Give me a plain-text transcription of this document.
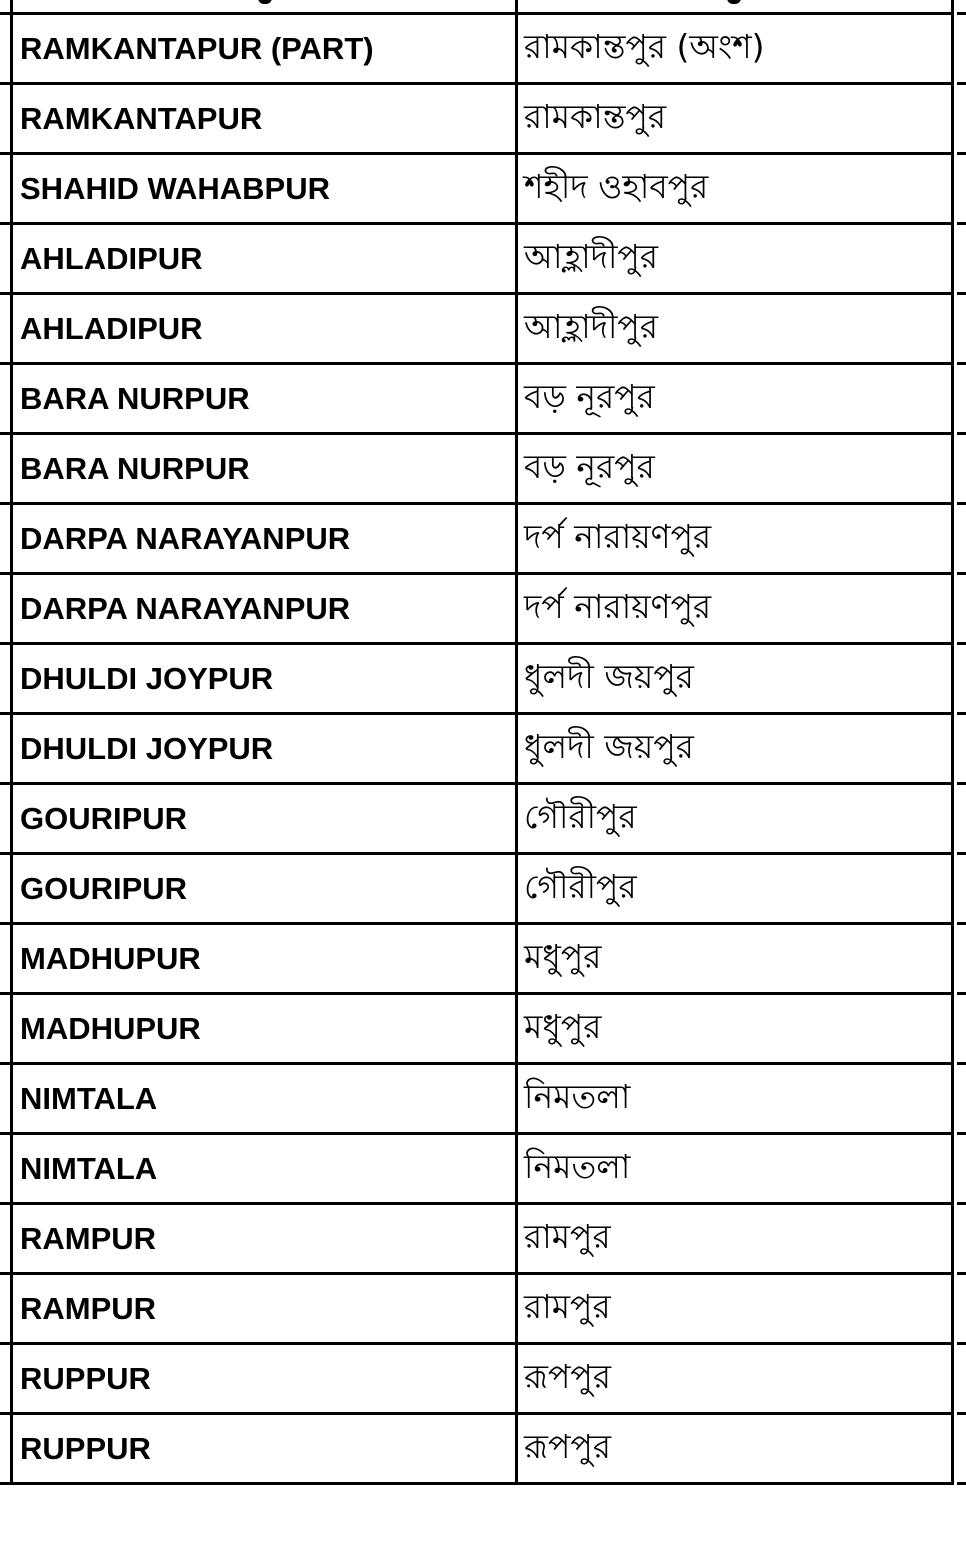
RAMKANTAPUR (PART)	রামকান্তপুর (অংশ)
RAMKANTAPUR	রামকান্তপুর
SHAHID WAHABPUR	শহীদ ওহাবপুর
AHLADIPUR	আহ্লাদীপুর
AHLADIPUR	আহ্লাদীপুর
BARA NURPUR	বড় নূরপুর
BARA NURPUR	বড় নূরপুর
DARPA NARAYANPUR	দর্প নারায়ণপুর
DARPA NARAYANPUR	দর্প নারায়ণপুর
DHULDI JOYPUR	ধুলদী জয়পুর
DHULDI JOYPUR	ধুলদী জয়পুর
GOURIPUR	গৌরীপুর
GOURIPUR	গৌরীপুর
MADHUPUR	মধুপুর
MADHUPUR	মধুপুর
NIMTALA	নিমতলা
NIMTALA	নিমতলা
RAMPUR	রামপুর
RAMPUR	রামপুর
RUPPUR	রূপপুর
RUPPUR	রূপপুর
